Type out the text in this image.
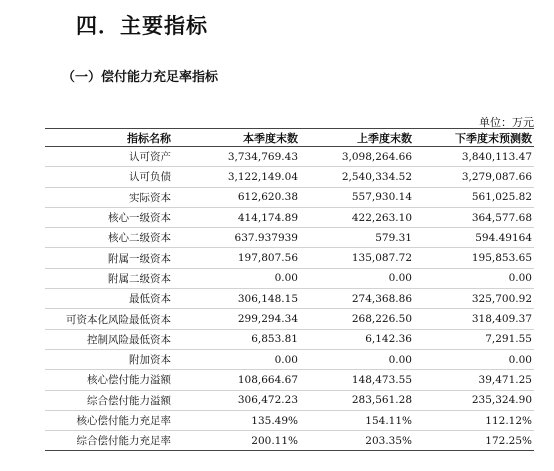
四．主要指标
（一）偿付能力充足率指标
单位：万元
指标名称	本季度末数	上季度末数	下季度末预测数
认可资产	3,734,769.43	3,098,264.66	3,840,113.47
认可负债	3,122,149.04	2,540,334.52	3,279,087.66
实际资本	612,620.38	557,930.14	561,025.82
核心一级资本	414,174.89	422,263.10	364,577.68
核心二级资本	637.937939	579.31	594.49164
附属一级资本	197,807.56	135,087.72	195,853.65
附属二级资本	0.00	0.00	0.00
最低资本	306,148.15	274,368.86	325,700.92
可资本化风险最低资本	299,294.34	268,226.50	318,409.37
控制风险最低资本	6,853.81	6,142.36	7,291.55
附加资本	0.00	0.00	0.00
核心偿付能力溢额	108,664.67	148,473.55	39,471.25
综合偿付能力溢额	306,472.23	283,561.28	235,324.90
核心偿付能力充足率	135.49%	154.11%	112.12%
综合偿付能力充足率	200.11%	203.35%	172.25%
